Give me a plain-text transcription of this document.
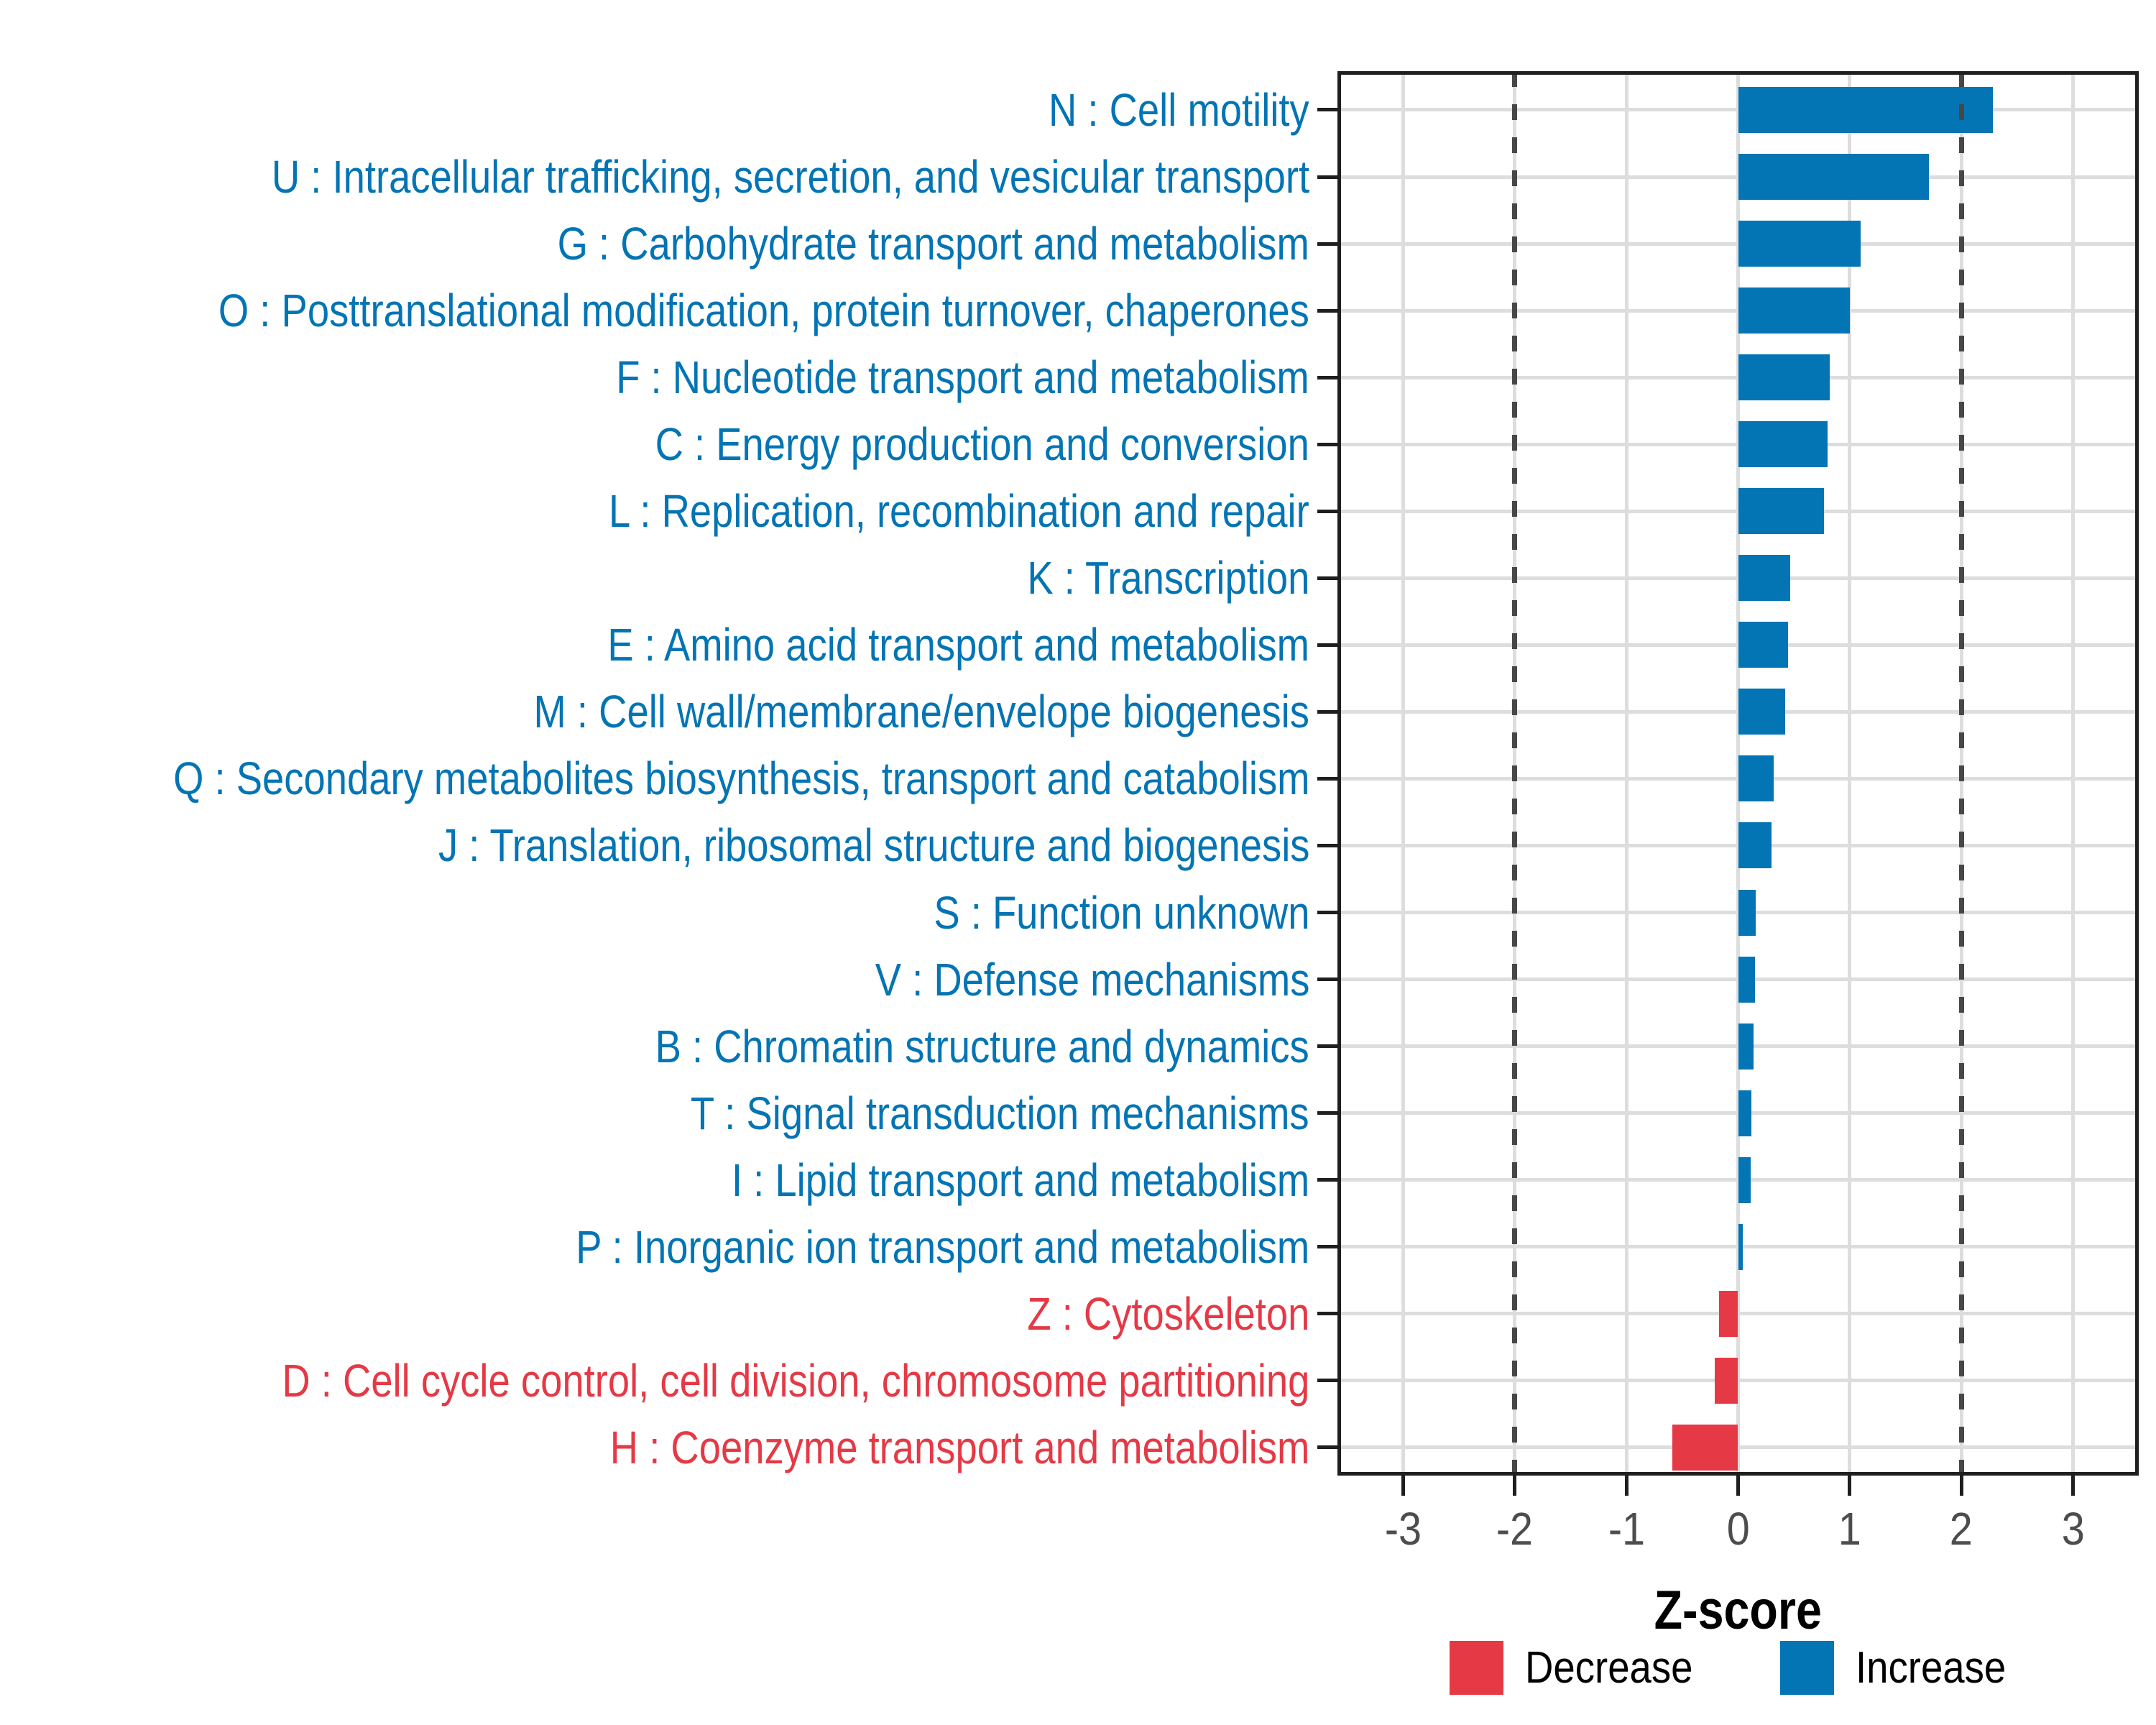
N : Cell motility
U : Intracellular trafficking, secretion, and vesicular transport
G : Carbohydrate transport and metabolism
O : Posttranslational modification, protein turnover, chaperones
F : Nucleotide transport and metabolism
C : Energy production and conversion
L : Replication, recombination and repair
K : Transcription
E : Amino acid transport and metabolism
M : Cell wall/membrane/envelope biogenesis
Q : Secondary metabolites biosynthesis, transport and catabolism
J : Translation, ribosomal structure and biogenesis
S : Function unknown
V : Defense mechanisms
B : Chromatin structure and dynamics
T : Signal transduction mechanisms
I : Lipid transport and metabolism
P : Inorganic ion transport and metabolism
Z : Cytoskeleton
D : Cell cycle control, cell division, chromosome partitioning
H : Coenzyme transport and metabolism
-3	-2	-1	0	1	2	3
Z-score
Decrease	Increase
